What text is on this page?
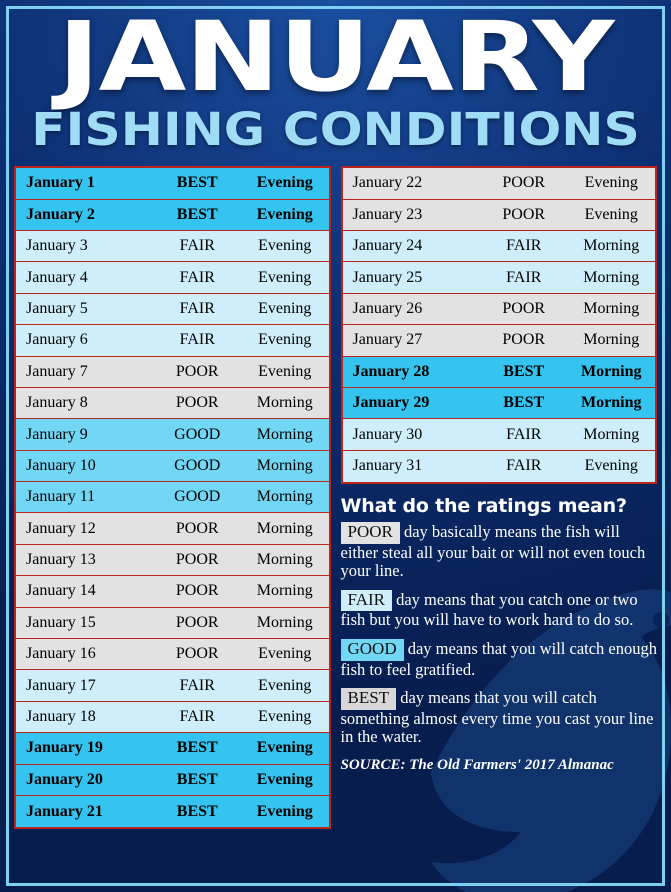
JANUARY
FISHING CONDITIONS
January 1	BEST	Evening
January 2	BEST	Evening
January 3	FAIR	Evening
January 4	FAIR	Evening
January 5	FAIR	Evening
January 6	FAIR	Evening
January 7	POOR	Evening
January 8	POOR	Morning
January 9	GOOD	Morning
January 10	GOOD	Morning
January 11	GOOD	Morning
January 12	POOR	Morning
January 13	POOR	Morning
January 14	POOR	Morning
January 15	POOR	Morning
January 16	POOR	Evening
January 17	FAIR	Evening
January 18	FAIR	Evening
January 19	BEST	Evening
January 20	BEST	Evening
January 21	BEST	Evening
January 22	POOR	Evening
January 23	POOR	Evening
January 24	FAIR	Morning
January 25	FAIR	Morning
January 26	POOR	Morning
January 27	POOR	Morning
January 28	BEST	Morning
January 29	BEST	Morning
January 30	FAIR	Morning
January 31	FAIR	Evening
What do the ratings mean?
POOR day basically means the fish will either steal all your bait or will not even touch your line.
FAIR day means that you catch one or two fish but you will have to work hard to do so.
GOOD day means that you will catch enough fish to feel gratified.
BEST day means that you will catch something almost every time you cast your line in the water.
SOURCE: The Old Farmers' 2017 Almanac
